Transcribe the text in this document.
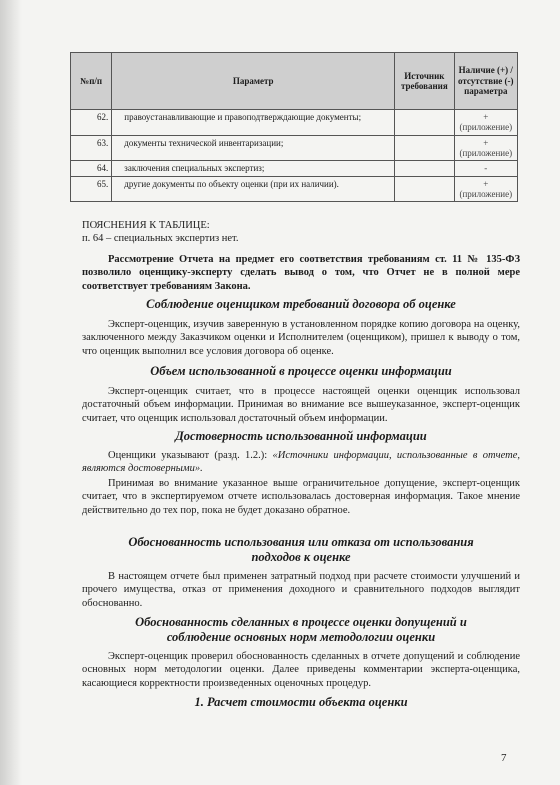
№п/п	Параметр	Источник требования	Наличие (+) /отсутствие (-) параметра
62.	правоустанавливающие и правоподтверждающие документы;		+ (приложение)
63.	документы технической инвентаризации;		+ (приложение)
64.	заключения специальных экспертиз;		-
65.	другие документы по объекту оценки (при их наличии).		+ (приложение)
ПОЯСНЕНИЯ К ТАБЛИЦЕ:
п. 64 – специальных экспертиз нет.
Рассмотрение Отчета на предмет его соответствия требованиям ст. 11 № 135-ФЗ позволило оценщику-эксперту сделать вывод о том, что Отчет не в полной мере соответствует требованиям Закона.
Соблюдение оценщиком требований договора об оценке
Эксперт-оценщик, изучив заверенную в установленном порядке копию договора на оценку, заключенного между Заказчиком оценки и Исполнителем (оценщиком), пришел к выводу о том, что оценщик выполнил все условия договора об оценке.
Объем использованной в процессе оценки информации
Эксперт-оценщик считает, что в процессе настоящей оценки оценщик использовал достаточный объем информации. Принимая во внимание все вышеуказанное, эксперт-оценщик считает, что оценщик использовал достаточный объем информации.
Достоверность использованной информации
Оценщики указывают (разд. 1.2.): «Источники информации, использованные в отчете, являются достоверными».
Принимая во внимание указанное выше ограничительное допущение, эксперт-оценщик считает, что в экспертируемом отчете использовалась достоверная информация. Такое мнение действительно до тех пор, пока не будет доказано обратное.
Обоснованность использования или отказа от использования
подходов к оценке
В настоящем отчете был применен затратный подход при расчете стоимости улучшений и прочего имущества, отказ от применения доходного и сравнительного подходов выглядит обоснованно.
Обоснованность сделанных в процессе оценки допущений и
соблюдение основных норм методологии оценки
Эксперт-оценщик проверил обоснованность сделанных в отчете допущений и соблюдение основных норм методологии оценки. Далее приведены комментарии эксперта-оценщика, касающиеся корректности произведенных оценочных процедур.
1. Расчет стоимости объекта оценки
7
